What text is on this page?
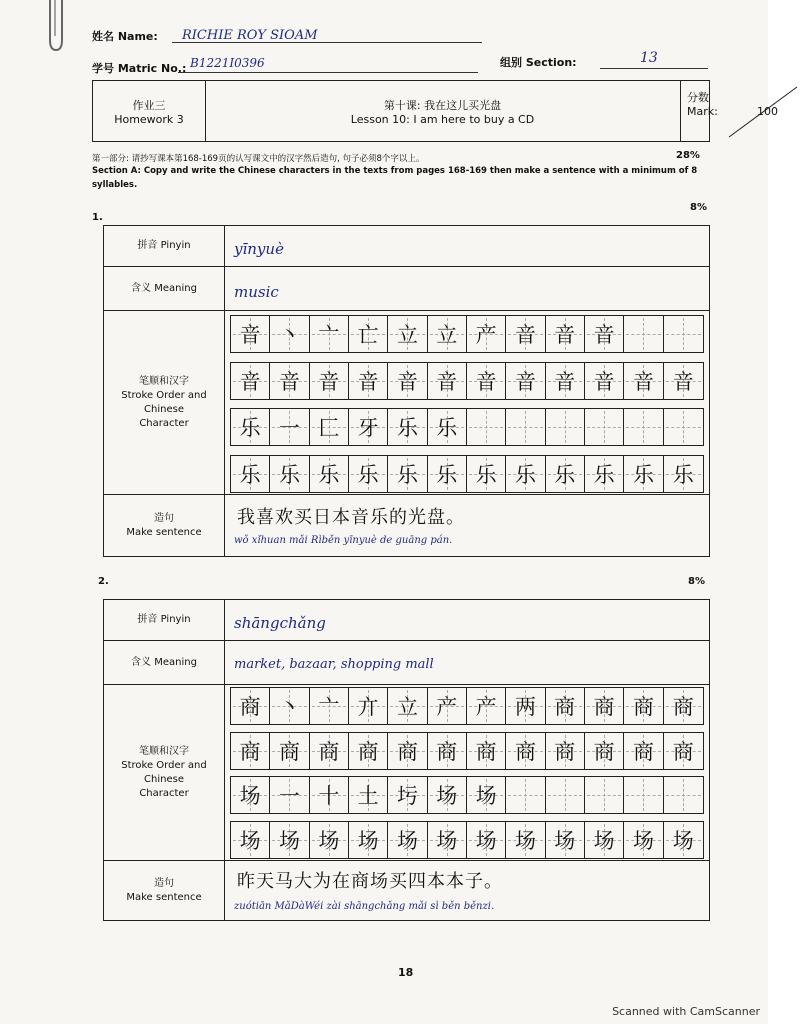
姓名 Name: RICHIE ROY SIOAM
学号 Matric No.: B1221I0396	组别 Section:	13
作业三
Homework 3
第十课: 我在这儿买光盘
Lesson 10: I am here to buy a CD
分数
Mark:	100
第一部分: 请抄写课本第168-169页的认写课文中的汉字然后造句, 句子必须8个字以上。	28%
Section A: Copy and write the Chinese characters in the texts from pages 168-169 then make a sentence with a minimum of 8
syllables.
1.
8%
拼音 Pinyin	yīnyuè
含义 Meaning	music
笔顺和汉字
Stroke Order and
Chinese
Character
音 丶 亠 亡 立 立 产 音 音 音
音 音 音 音 音 音 音 音 音 音 音 音
乐 一 匚 牙 乐 乐
乐 乐 乐 乐 乐 乐 乐 乐 乐 乐 乐 乐
造句
Make sentence
我喜欢买日本音乐的光盘。
wǒ xǐhuan mǎi Rìběn yīnyuè de guāng pán.
2.	8%
拼音 Pinyin	shāngchǎng
含义 Meaning	market, bazaar, shopping mall
笔顺和汉字
Stroke Order and
Chinese
Character
商 丶 亠 亣 立 产 产 两 商 商 商 商
商 商 商 商 商 商 商 商 商 商 商 商
场 一 十 土 圬 场 场
场 场 场 场 场 场 场 场 场 场 场 场
造句
Make sentence
昨天马大为在商场买四本本子。
zuótiān MǎDàWéi zài shāngchǎng mǎi sì běn běnzi.
18
Scanned with CamScanner
